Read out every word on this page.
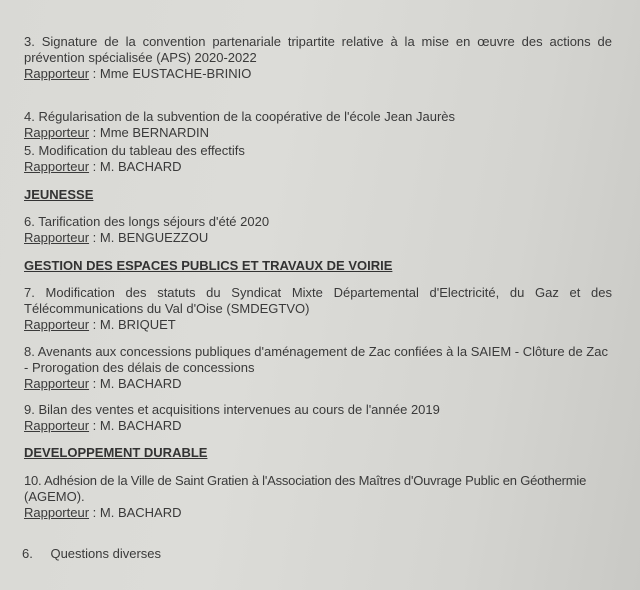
3. Signature de la convention partenariale tripartite relative à la mise en œuvre des actions de
prévention spécialisée (APS) 2020-2022
Rapporteur : Mme EUSTACHE-BRINIO
4. Régularisation de la subvention de la coopérative de l'école Jean Jaurès
Rapporteur : Mme BERNARDIN
5. Modification du tableau des effectifs
Rapporteur : M. BACHARD
JEUNESSE
6. Tarification des longs séjours d'été 2020
Rapporteur : M. BENGUEZZOU
GESTION DES ESPACES PUBLICS ET TRAVAUX DE VOIRIE
7. Modification des statuts du Syndicat Mixte Départemental d'Electricité, du Gaz et des
Télécommunications du Val d'Oise (SMDEGTVO)
Rapporteur : M. BRIQUET
8. Avenants aux concessions publiques d'aménagement de Zac confiées à la SAIEM - Clôture de Zac
- Prorogation des délais de concessions
Rapporteur : M. BACHARD
9. Bilan des ventes et acquisitions intervenues au cours de l'année 2019
Rapporteur : M. BACHARD
DEVELOPPEMENT DURABLE
10. Adhésion de la Ville de Saint Gratien à l'Association des Maîtres d'Ouvrage Public en Géothermie
(AGEMO).
Rapporteur : M. BACHARD
6. Questions diverses
